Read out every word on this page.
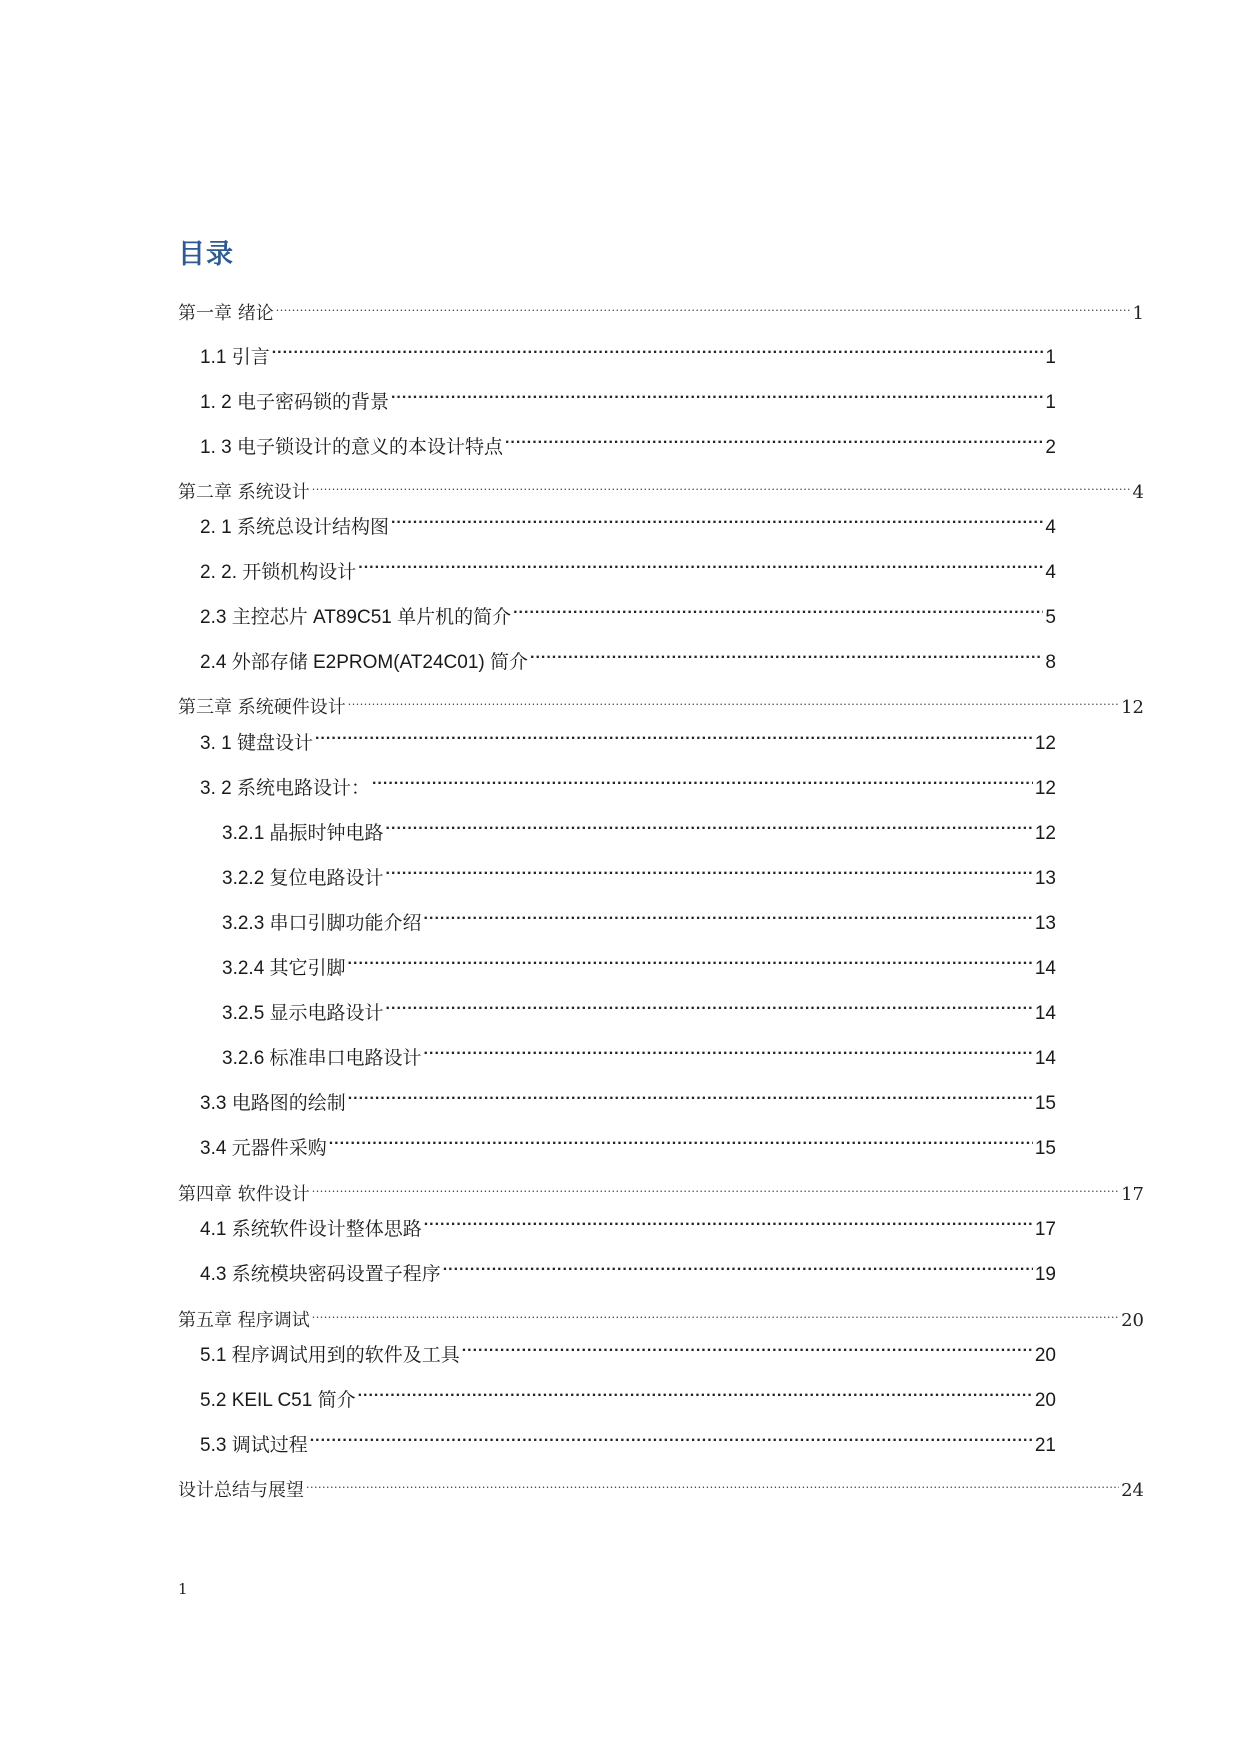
目录
第一章 绪论 .....	1
1.1 引言 .....	1
1. 2 电子密码锁的背景 .....	1
1. 3 电子锁设计的意义的本设计特点 .....	2
第二章 系统设计 .....	4
2. 1 系统总设计结构图 .....	4
2. 2. 开锁机构设计 .....	4
2.3 主控芯片 AT89C51 单片机的简介 .....	5
2.4 外部存储 E2PROM(AT24C01) 简介 .....	8
第三章 系统硬件设计 .....	12
3. 1 键盘设计 .....	12
3. 2 系统电路设计： .....	12
3.2.1 晶振时钟电路 .....	12
3.2.2 复位电路设计 .....	13
3.2.3 串口引脚功能介绍 .....	13
3.2.4 其它引脚 .....	14
3.2.5 显示电路设计 .....	14
3.2.6 标准串口电路设计 .....	14
3.3 电路图的绘制 .....	15
3.4 元器件采购 .....	15
第四章 软件设计 .....	17
4.1 系统软件设计整体思路 .....	17
4.3 系统模块密码设置子程序 .....	19
第五章 程序调试 .....	20
5.1 程序调试用到的软件及工具 .....	20
5.2 KEIL C51 简介 .....	20
5.3 调试过程 .....	21
设计总结与展望 .....	24
1
